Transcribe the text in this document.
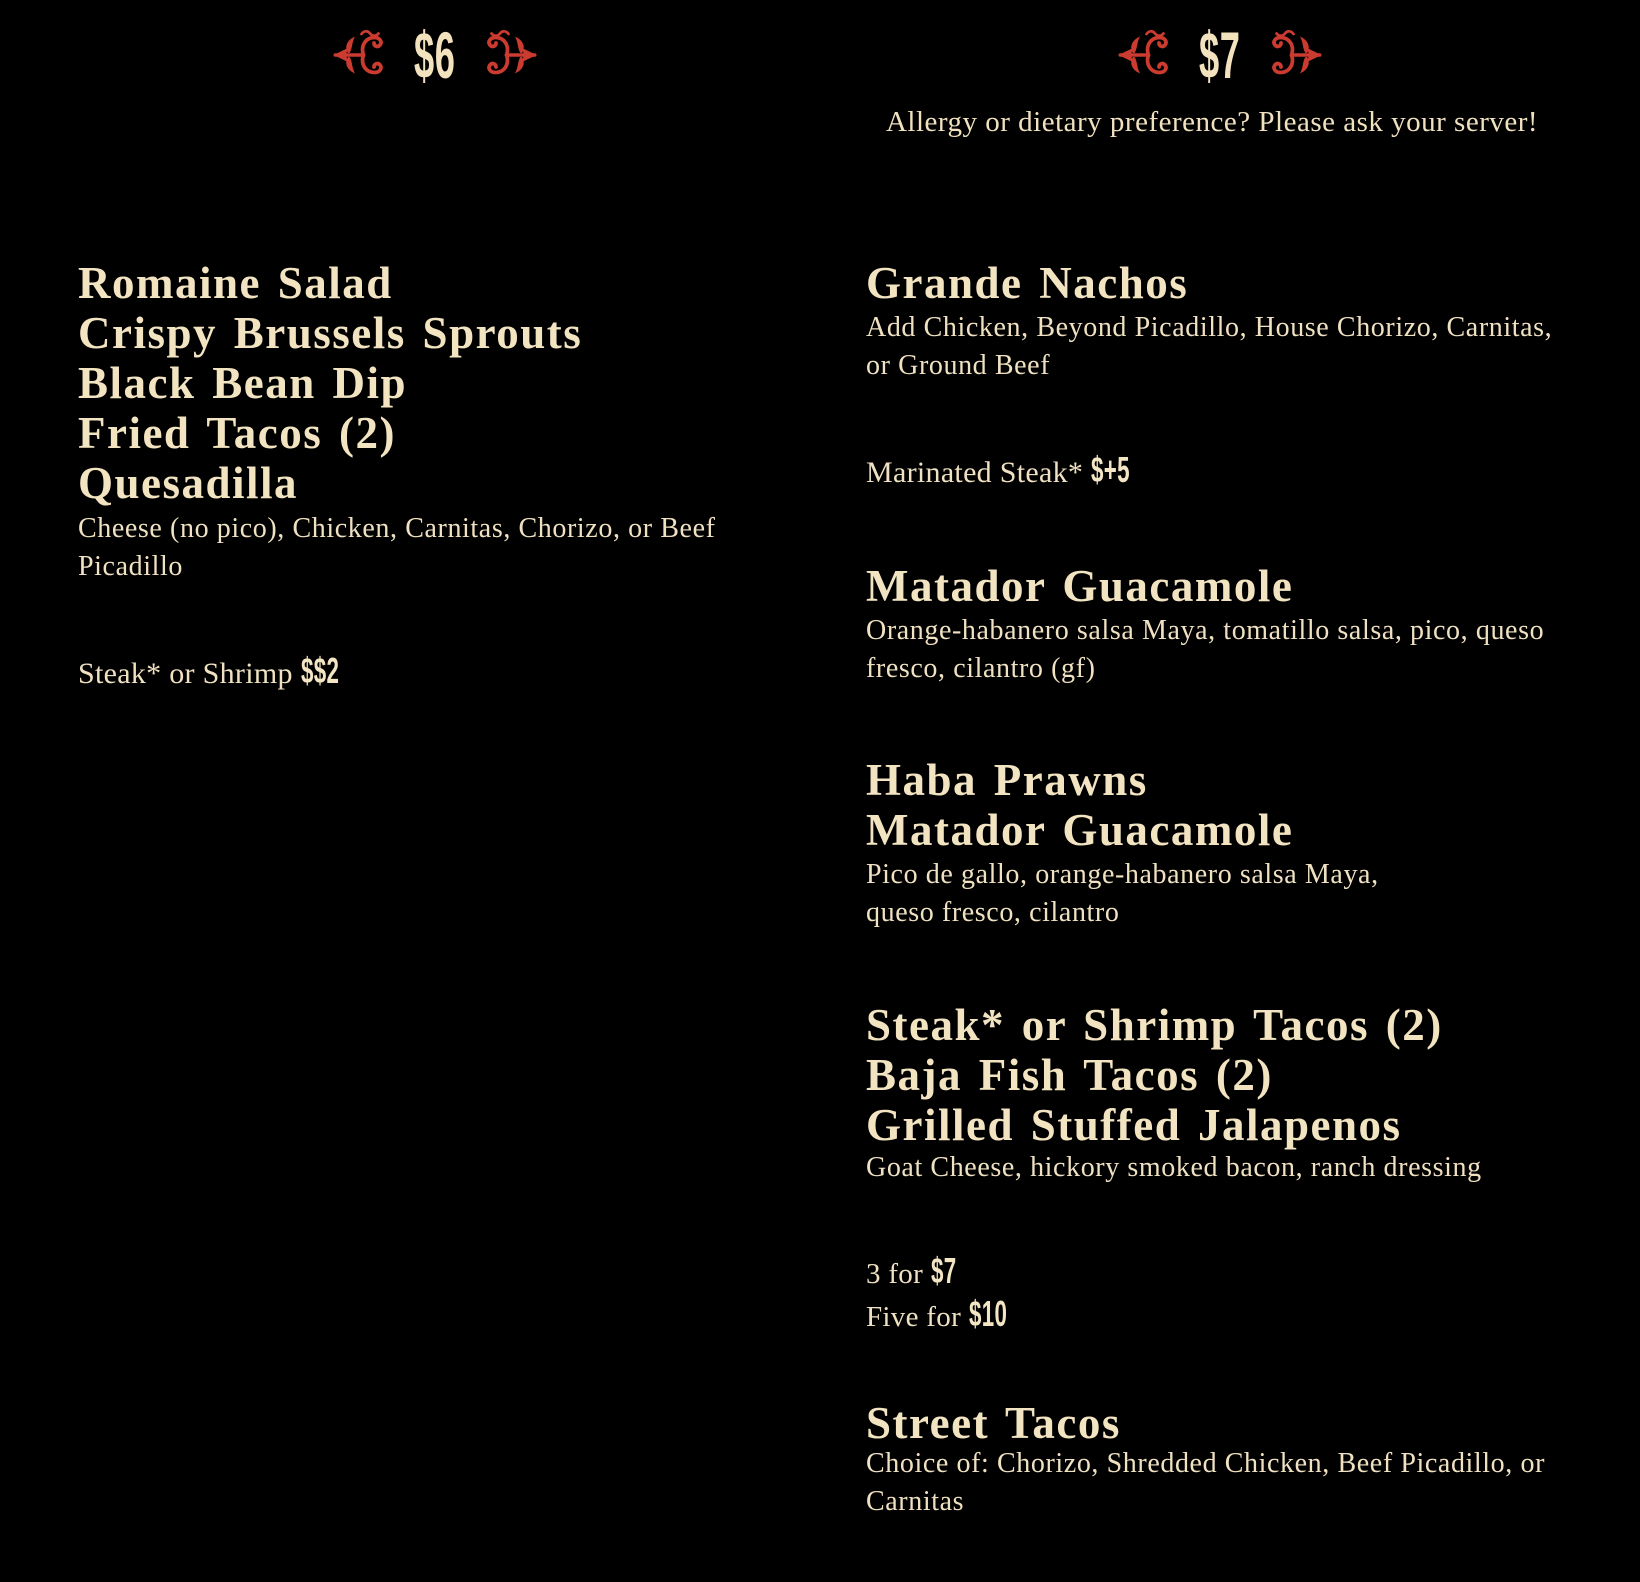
$6	$7
Allergy or dietary preference? Please ask your server!
Romaine Salad
Crispy Brussels Sprouts
Black Bean Dip
Fried Tacos (2)
Quesadilla
Cheese (no pico), Chicken, Carnitas, Chorizo, or Beef
Picadillo
Steak* or Shrimp $$2
Grande Nachos
Add Chicken, Beyond Picadillo, House Chorizo, Carnitas,
or Ground Beef
Marinated Steak* $+5
Matador Guacamole
Orange-habanero salsa Maya, tomatillo salsa, pico, queso
fresco, cilantro (gf)
Haba Prawns
Matador Guacamole
Pico de gallo, orange-habanero salsa Maya,
queso fresco, cilantro
Steak* or Shrimp Tacos (2)
Baja Fish Tacos (2)
Grilled Stuffed Jalapenos
Goat Cheese, hickory smoked bacon, ranch dressing
3 for $7
Five for $10
Street Tacos
Choice of: Chorizo, Shredded Chicken, Beef Picadillo, or
Carnitas
